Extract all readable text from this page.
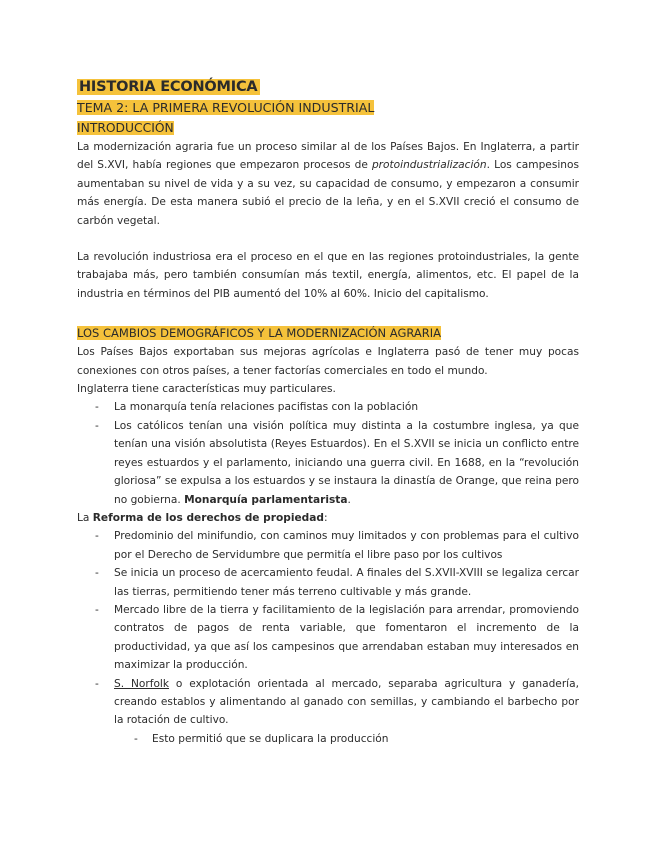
HISTORIA ECONÓMICA
TEMA 2: LA PRIMERA REVOLUCIÓN INDUSTRIAL
INTRODUCCIÓN

La modernización agraria fue un proceso similar al de los Países Bajos. En Inglaterra, a partir del S.XVI, había regiones que empezaron procesos de protoindustrialización. Los campesinos aumentaban su nivel de vida y a su vez, su capacidad de consumo, y empezaron a consumir más energía. De esta manera subió el precio de la leña, y en el S.XVII creció el consumo de carbón vegetal.

La revolución industriosa era el proceso en el que en las regiones protoindustriales, la gente trabajaba más, pero también consumían más textil, energía, alimentos, etc. El papel de la industria en términos del PIB aumentó del 10% al 60%. Inicio del capitalismo.

LOS CAMBIOS DEMOGRÁFICOS Y LA MODERNIZACIÓN AGRARIA

Los Países Bajos exportaban sus mejoras agrícolas e Inglaterra pasó de tener muy pocas conexiones con otros países, a tener factorías comerciales en todo el mundo.

Inglaterra tiene características muy particulares.

- La monarquía tenía relaciones pacifistas con la población
- Los católicos tenían una visión política muy distinta a la costumbre inglesa, ya que tenían una visión absolutista (Reyes Estuardos). En el S.XVII se inicia un conflicto entre reyes estuardos y el parlamento, iniciando una guerra civil. En 1688, en la “revolución gloriosa” se expulsa a los estuardos y se instaura la dinastía de Orange, que reina pero no gobierna. Monarquía parlamentarista.

La Reforma de los derechos de propiedad:

- Predominio del minifundio, con caminos muy limitados y con problemas para el cultivo por el Derecho de Servidumbre que permitía el libre paso por los cultivos
- Se inicia un proceso de acercamiento feudal. A finales del S.XVII-XVIII se legaliza cercar las tierras, permitiendo tener más terreno cultivable y más grande.
- Mercado libre de la tierra y facilitamiento de la legislación para arrendar, promoviendo contratos de pagos de renta variable, que fomentaron el incremento de la productividad, ya que así los campesinos que arrendaban estaban muy interesados en maximizar la producción.
- S. Norfolk o explotación orientada al mercado, separaba agricultura y ganadería, creando establos y alimentando al ganado con semillas, y cambiando el barbecho por la rotación de cultivo.
- Esto permitió que se duplicara la producción
